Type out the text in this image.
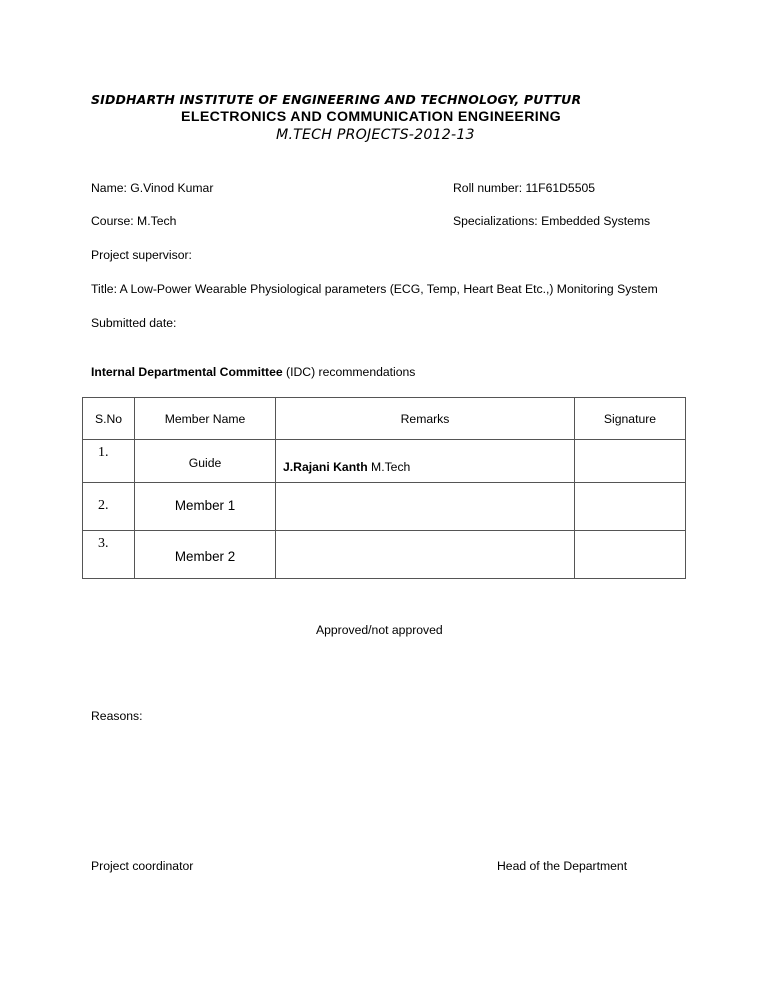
SIDDHARTH INSTITUTE OF ENGINEERING AND TECHNOLOGY, PUTTUR
ELECTRONICS AND COMMUNICATION ENGINEERING
M.TECH PROJECTS-2012-13
Name: G.Vinod Kumar	Roll number: 11F61D5505
Course: M.Tech	Specializations: Embedded Systems
Project supervisor:
Title: A Low-Power Wearable Physiological parameters (ECG, Temp, Heart Beat Etc.,) Monitoring System
Submitted date:
Internal Departmental Committee (IDC) recommendations
S.No	Member Name	Remarks	Signature

1.	Guide	J.Rajani Kanth M.Tech	

2.	Member 1		

3.	Member 2		

Approved/not approved
Reasons:
Project coordinator	Head of the Department
